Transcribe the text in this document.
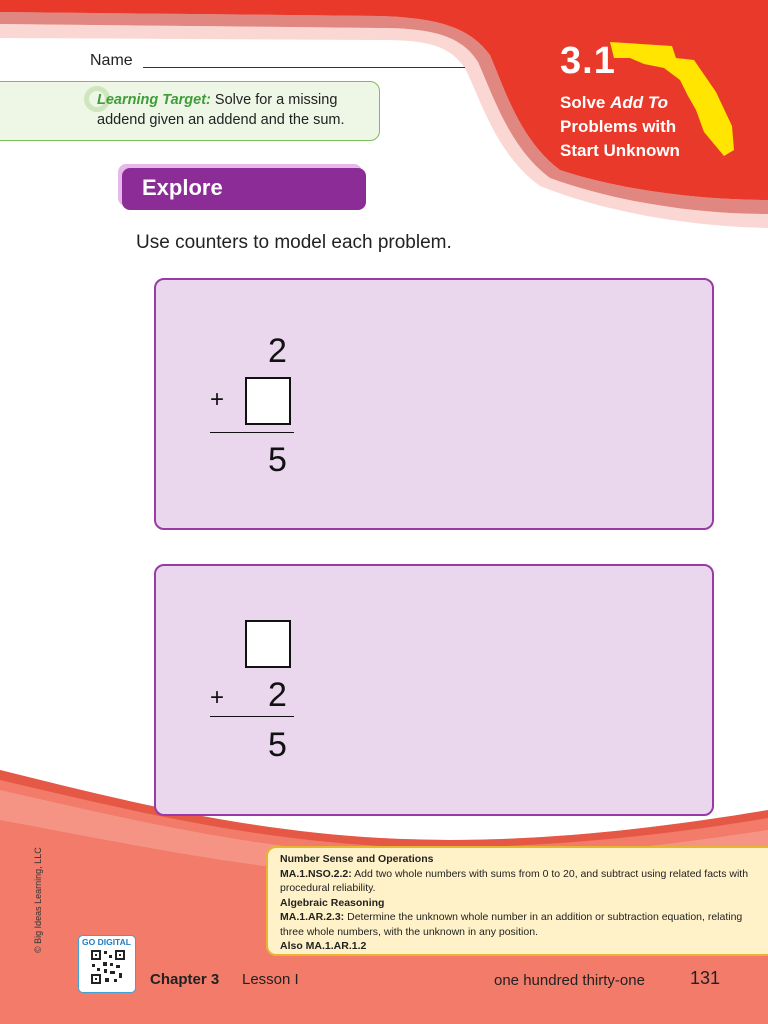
Name	3.1
Solve Add To
Problems with
Start Unknown
Learning Target: Solve for a missing addend given an addend and the sum.
Explore
Use counters to model each problem.
2
+
5
+ 2
5
© Big Ideas Learning, LLC	Number Sense and Operations
MA.1.NSO.2.2: Add two whole numbers with sums from 0 to 20, and subtract using related facts with procedural reliability.
Algebraic Reasoning
MA.1.AR.2.3: Determine the unknown whole number in an addition or subtraction equation, relating three whole numbers, with the unknown in any position.
Also MA.1.AR.1.2
GO DIGITAL
Chapter 3 Lesson I	one hundred thirty-one	131
